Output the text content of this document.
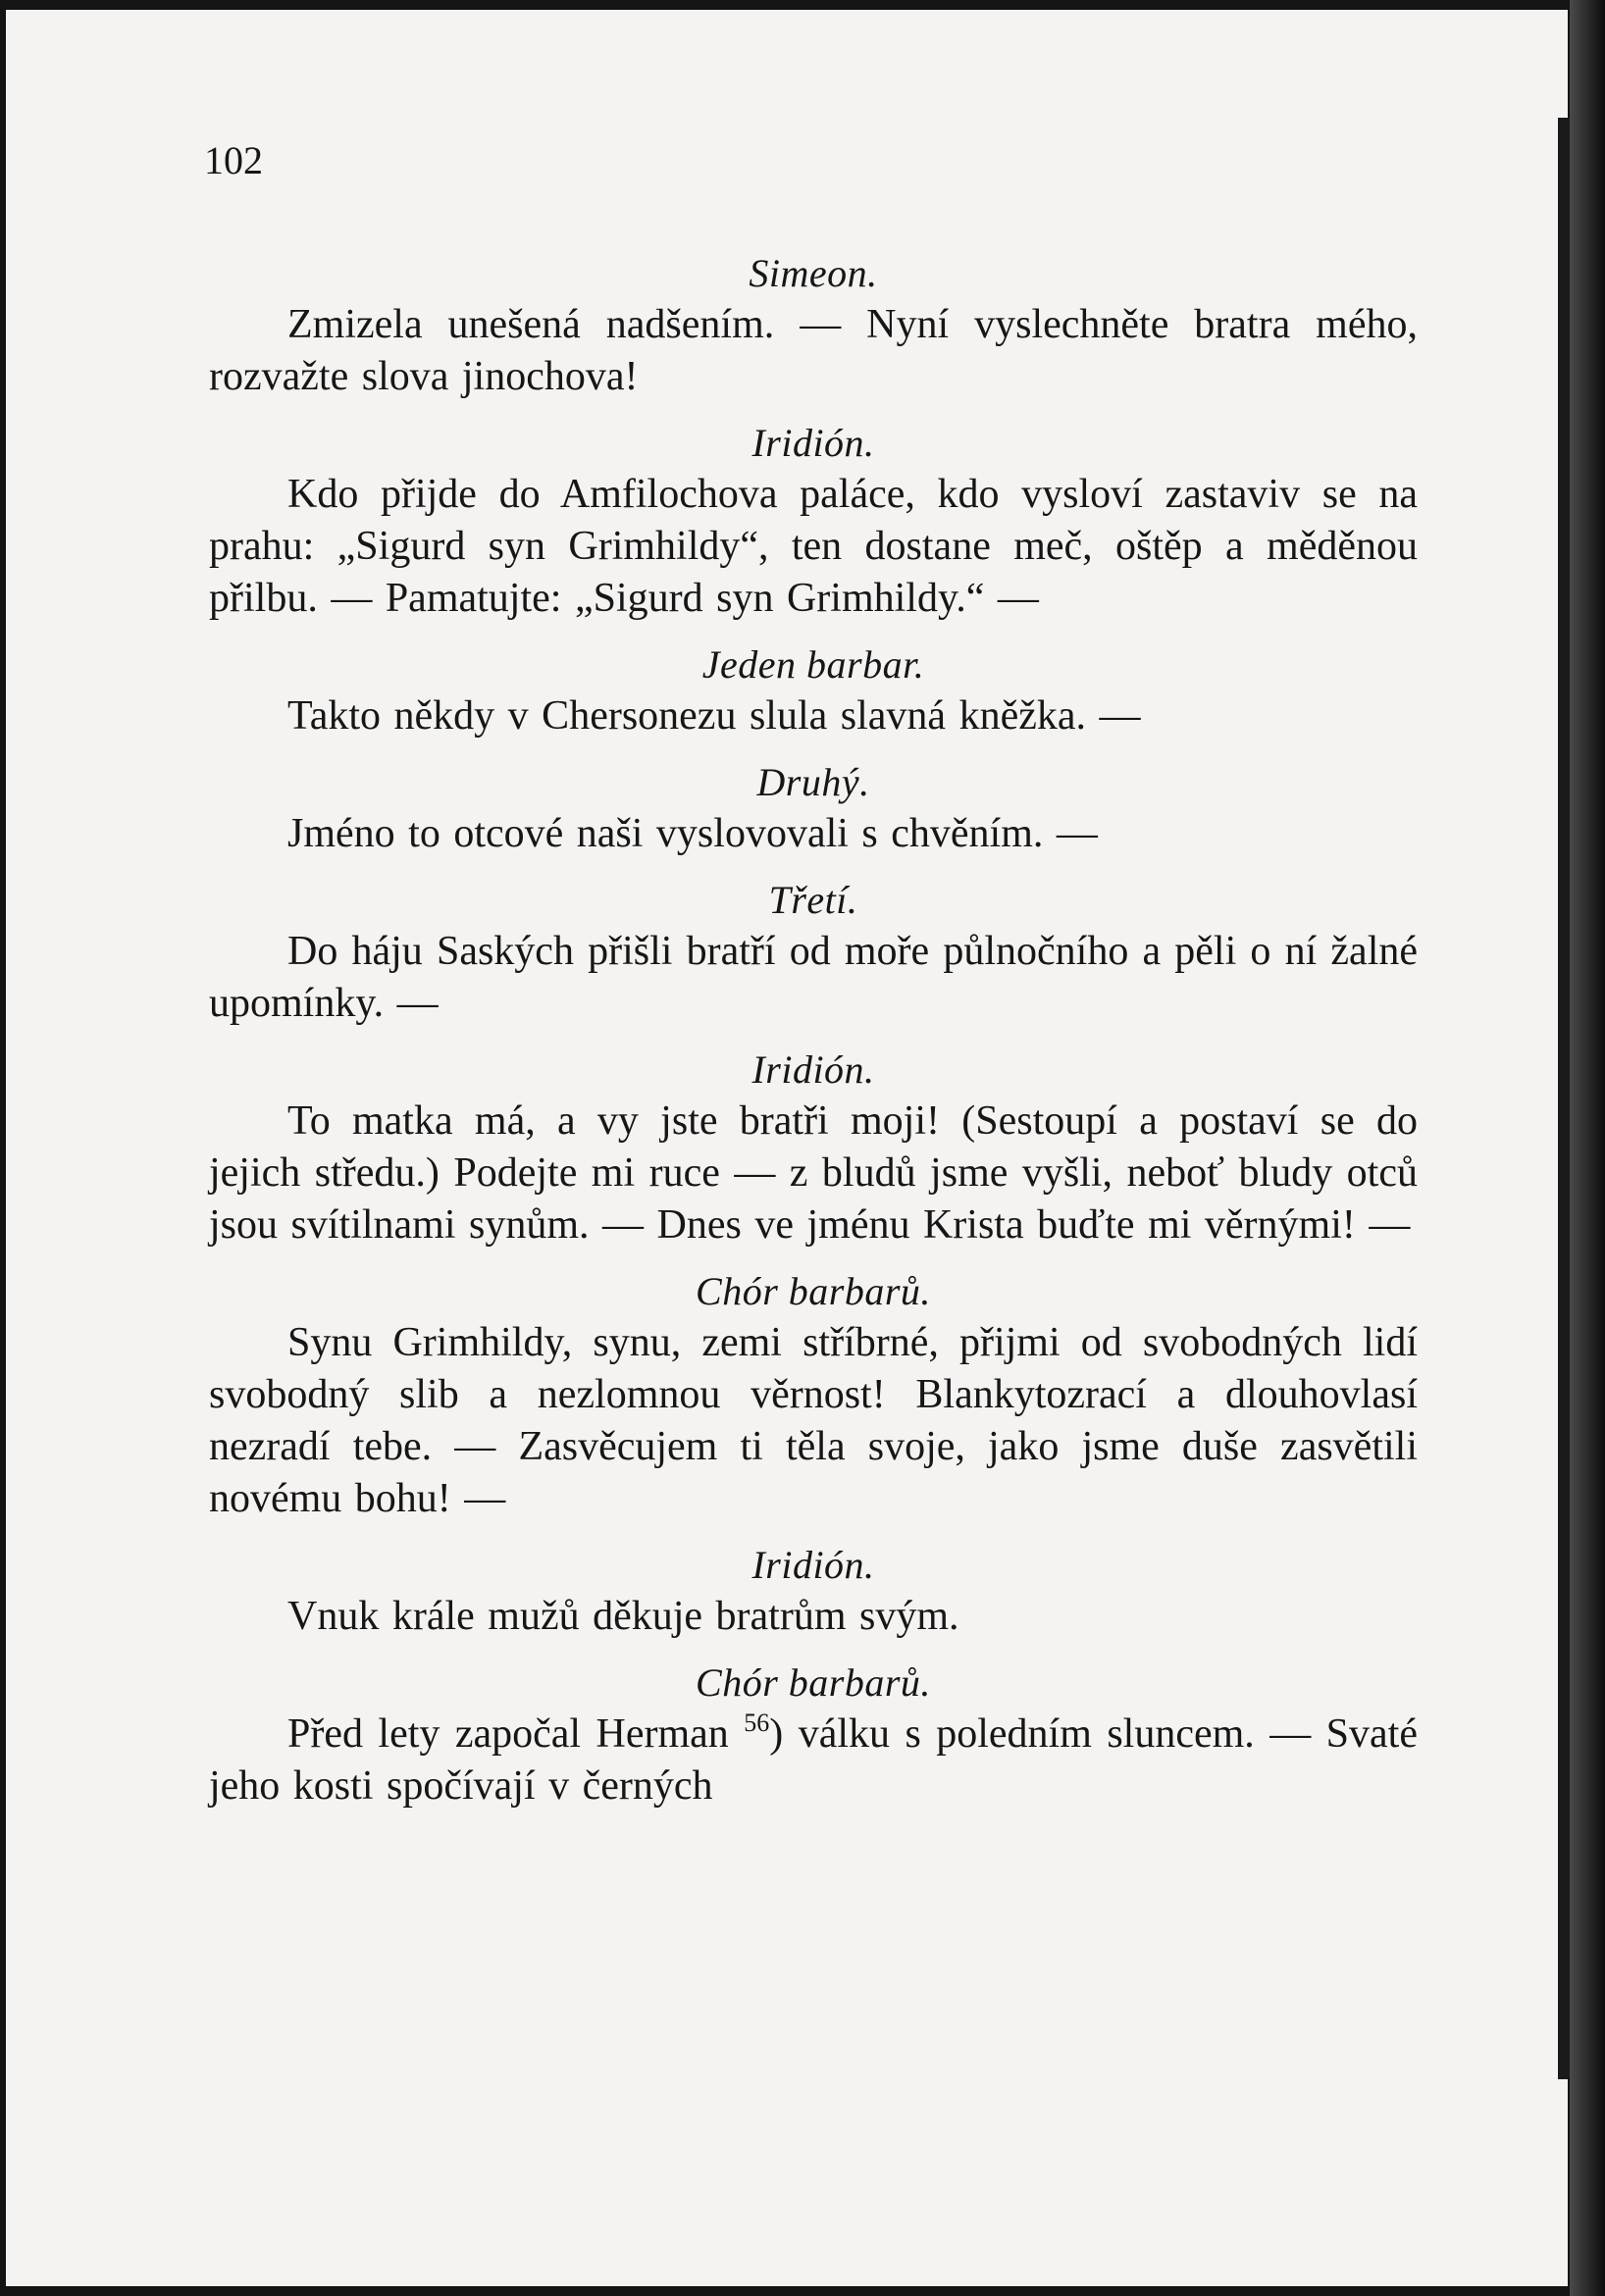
102

Simeon.

Zmizela unešená nadšením. — Nyní vyslechněte bratra mého, rozvažte slova jinochova!

Iridión.

Kdo přijde do Amfilochova paláce, kdo vysloví zastaviv se na prahu: „Sigurd syn Grimhildy“, ten dostane meč, oštěp a měděnou přilbu. — Pamatujte: „Sigurd syn Grimhildy.“ —

Jeden barbar.

Takto někdy v Chersonezu slula slavná kněžka. —

Druhý.

Jméno to otcové naši vyslovovali s chvěním. —

Třetí.

Do háju Saských přišli bratří od moře půlnočního a pěli o ní žalné upomínky. —

Iridión.

To matka má, a vy jste bratři moji! (Sestoupí a postaví se do jejich středu.) Podejte mi ruce — z bludů jsme vyšli, neboť bludy otců jsou svítilnami synům. — Dnes ve jménu Krista buďte mi věrnými! —

Chór barbarů.

Synu Grimhildy, synu, zemi stříbrné, přijmi od svobodných lidí svobodný slib a nezlomnou věrnost! Blankytozrací a dlouhovlasí nezradí tebe. — Zasvěcujem ti těla svoje, jako jsme duše zasvětili novému bohu! —

Iridión.

Vnuk krále mužů děkuje bratrům svým.

Chór barbarů.

Před lety započal Herman $^{56}$) válku s poledním sluncem. — Svaté jeho kosti spočívají v černých
